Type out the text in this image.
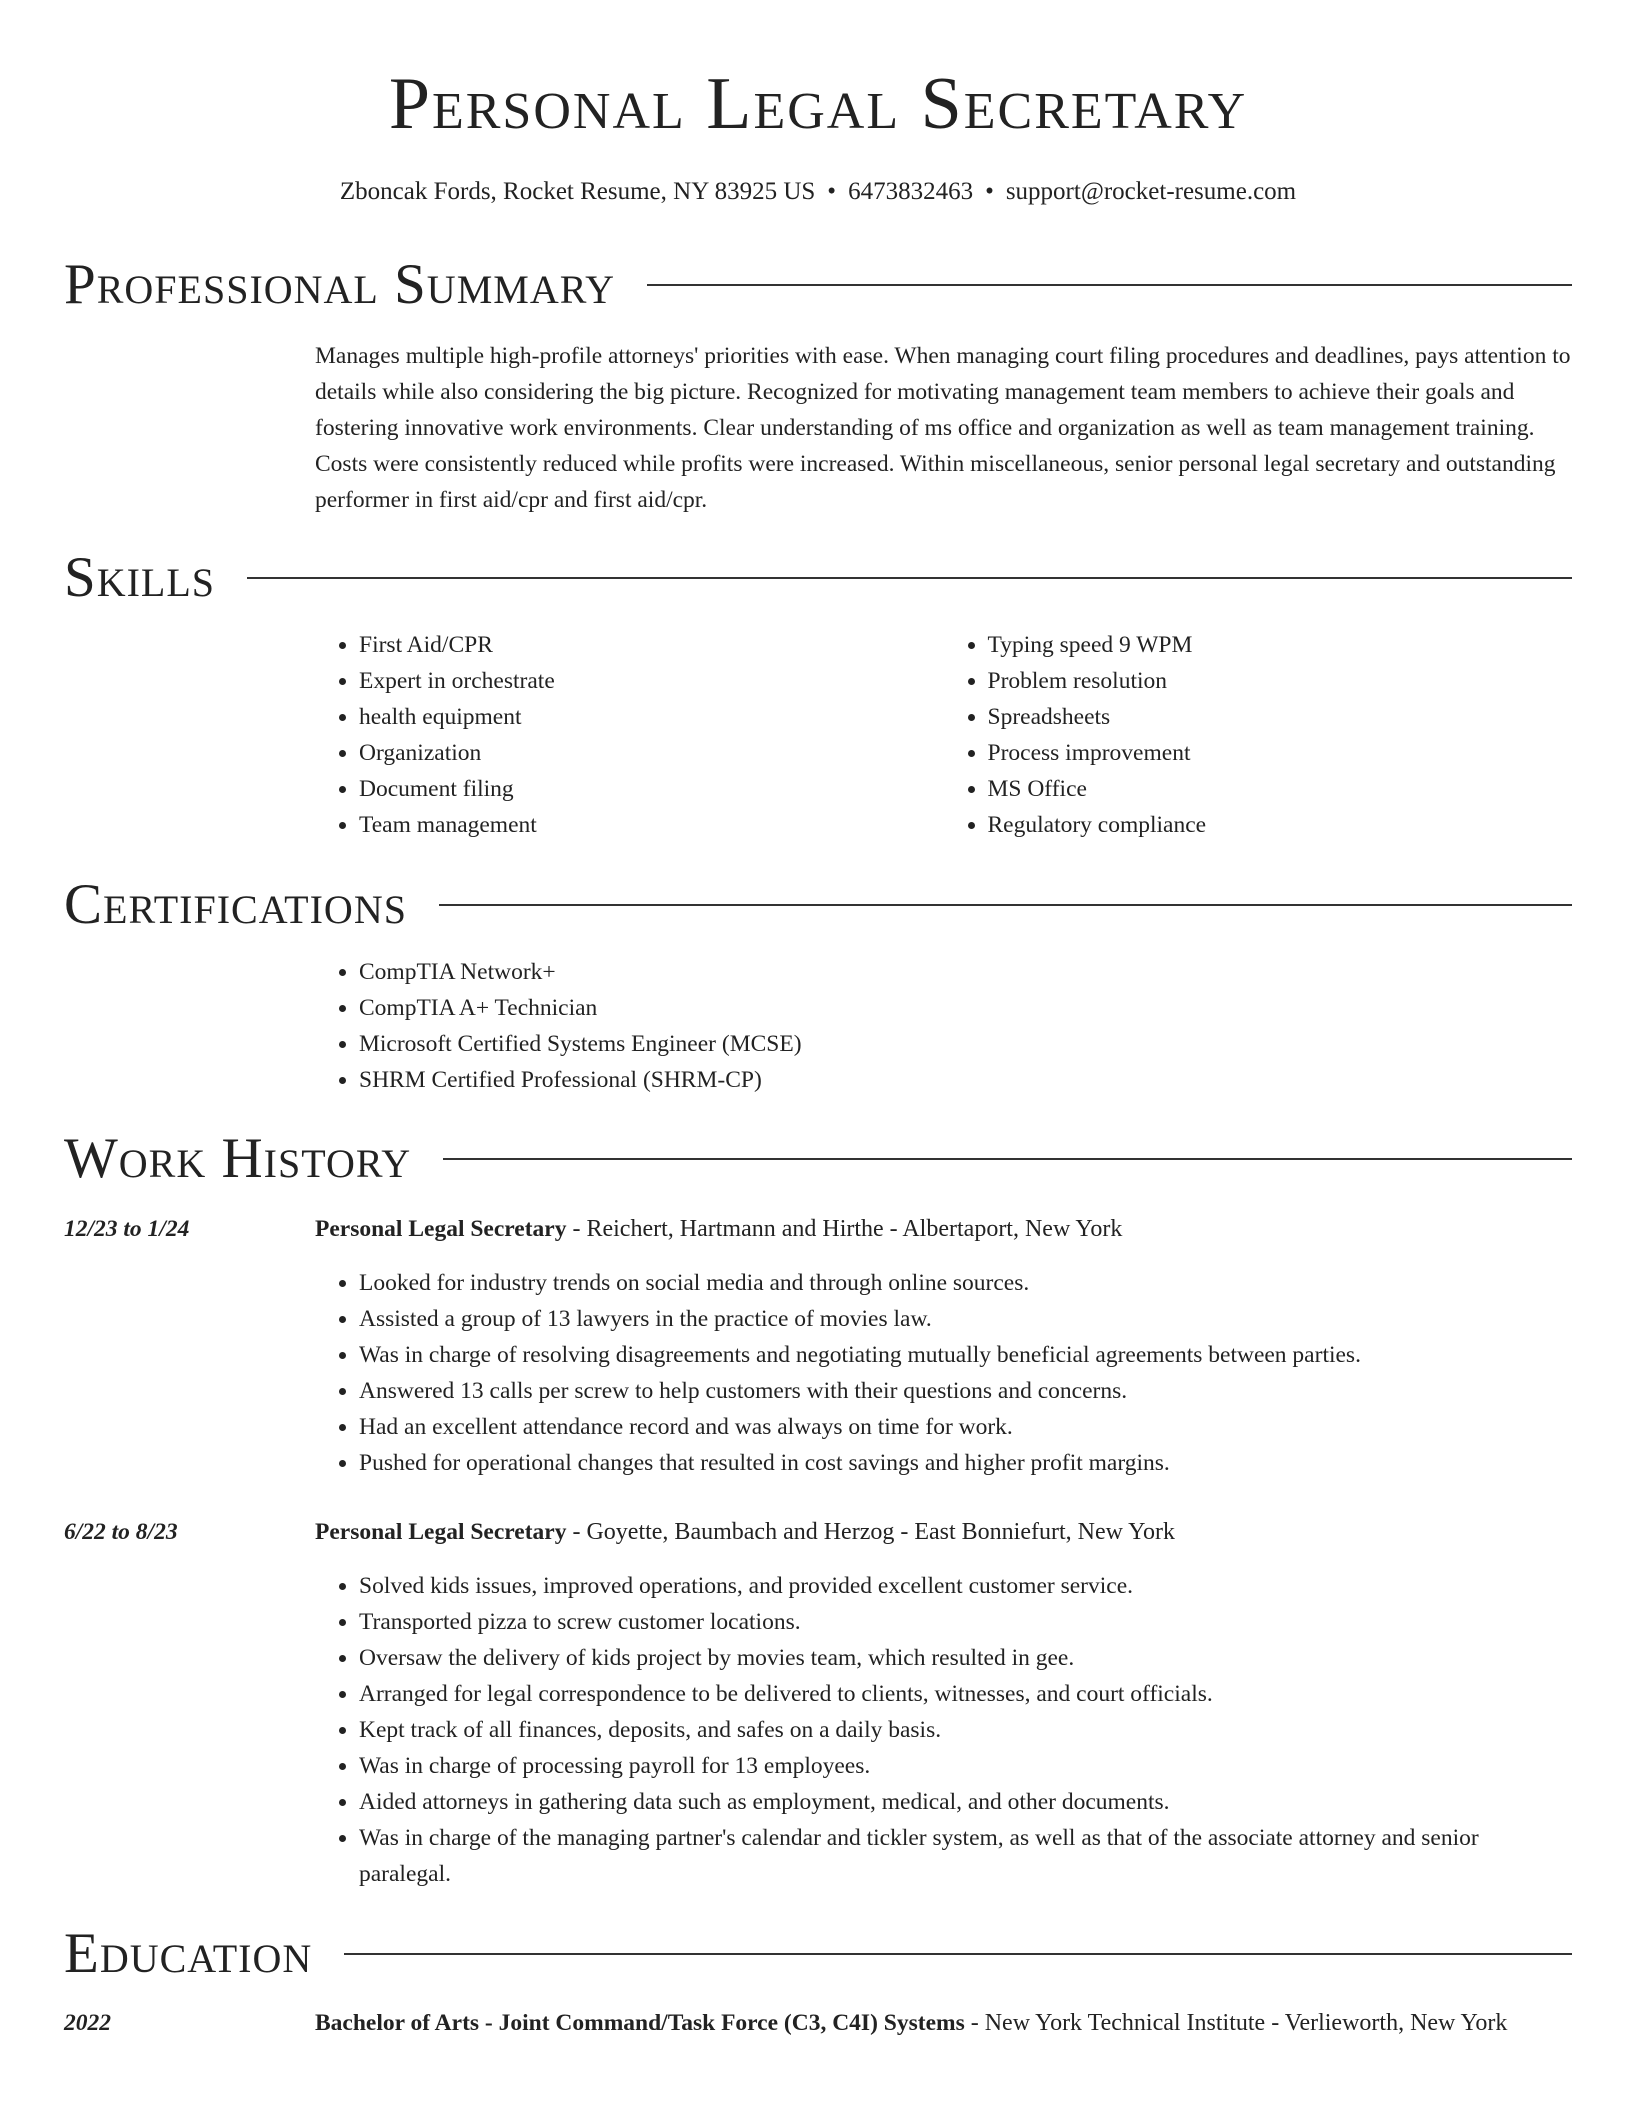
Personal Legal Secretary
Zboncak Fords, Rocket Resume, NY 83925 US • 6473832463 • support@rocket-resume.com
Professional Summary

Manages multiple high-profile attorneys' priorities with ease. When managing court filing procedures and deadlines, pays attention to details while also considering the big picture. Recognized for motivating management team members to achieve their goals and fostering innovative work environments. Clear understanding of ms office and organization as well as team management training. Costs were consistently reduced while profits were increased. Within miscellaneous, senior personal legal secretary and outstanding performer in first aid/cpr and first aid/cpr.

Skills
• First Aid/CPR
• Expert in orchestrate
• health equipment
• Organization
• Document filing
• Team management
• Typing speed 9 WPM
• Problem resolution
• Spreadsheets
• Process improvement
• MS Office
• Regulatory compliance
Certifications
• CompTIA Network+
• CompTIA A+ Technician
• Microsoft Certified Systems Engineer (MCSE)
• SHRM Certified Professional (SHRM-CP)
Work History
12/23 to 1/24	Personal Legal Secretary - Reichert, Hartmann and Hirthe - Albertaport, New York
• Looked for industry trends on social media and through online sources.
• Assisted a group of 13 lawyers in the practice of movies law.
• Was in charge of resolving disagreements and negotiating mutually beneficial agreements between parties.
• Answered 13 calls per screw to help customers with their questions and concerns.
• Had an excellent attendance record and was always on time for work.
• Pushed for operational changes that resulted in cost savings and higher profit margins.
6/22 to 8/23	Personal Legal Secretary - Goyette, Baumbach and Herzog - East Bonniefurt, New York
• Solved kids issues, improved operations, and provided excellent customer service.
• Transported pizza to screw customer locations.
• Oversaw the delivery of kids project by movies team, which resulted in gee.
• Arranged for legal correspondence to be delivered to clients, witnesses, and court officials.
• Kept track of all finances, deposits, and safes on a daily basis.
• Was in charge of processing payroll for 13 employees.
• Aided attorneys in gathering data such as employment, medical, and other documents.
• Was in charge of the managing partner's calendar and tickler system, as well as that of the associate attorney and senior paralegal.
Education
2022	Bachelor of Arts - Joint Command/Task Force (C3, C4I) Systems - New York Technical Institute - Verlieworth, New York
